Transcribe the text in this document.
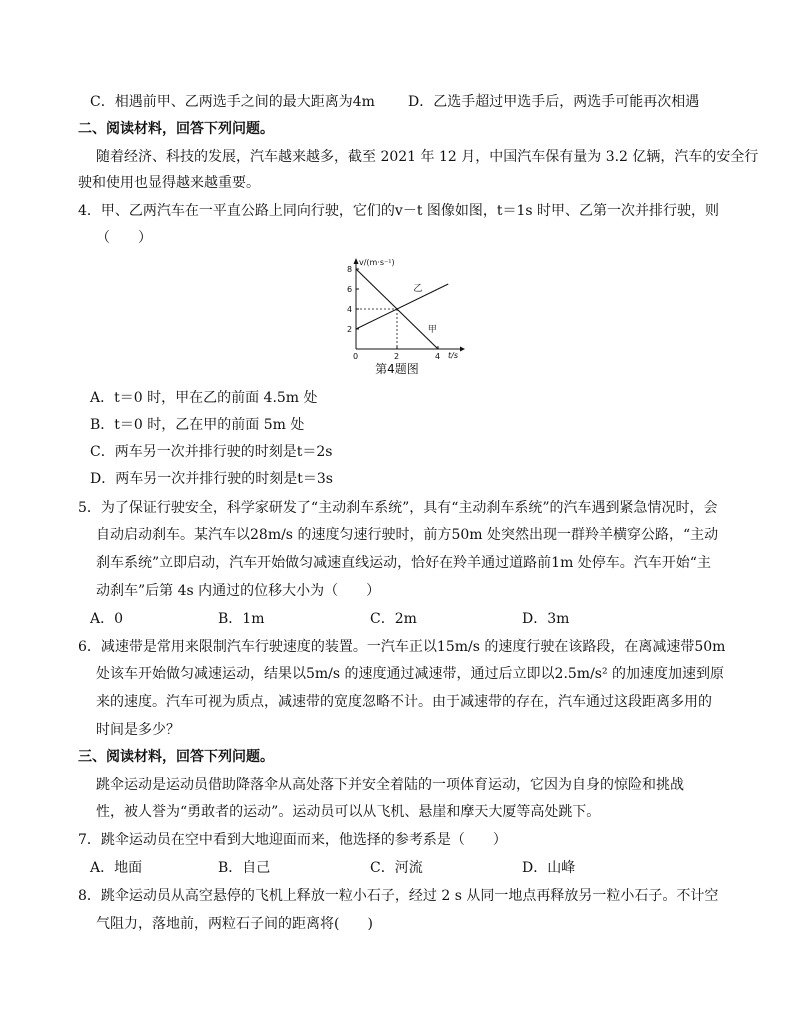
C．相遇前甲、乙两选手之间的最大距离为4m D．乙选手超过甲选手后，两选手可能再次相遇
二、阅读材料，回答下列问题。
随着经济、科技的发展，汽车越来越多，截至 2021 年 12 月，中国汽车保有量为 3.2 亿辆，汽车的安全行
驶和使用也显得越来越重要。
4．甲、乙两汽车在一平直公路上同向行驶，它们的v－t 图像如图，t＝1s 时甲、乙第一次并排行驶，则
（　　）
v/(m·s⁻¹)
t/s
2
4
6
8
0	2	4
甲
乙
第4题图
A．t＝0 时，甲在乙的前面 4.5m 处
B．t＝0 时，乙在甲的前面 5m 处
C．两车另一次并排行驶的时刻是t＝2s
D．两车另一次并排行驶的时刻是t＝3s
5．为了保证行驶安全，科学家研发了“主动刹车系统”，具有“主动刹车系统”的汽车遇到紧急情况时，会
自动启动刹车。某汽车以28m/s 的速度匀速行驶时，前方50m 处突然出现一群羚羊横穿公路，“主动
刹车系统”立即启动，汽车开始做匀减速直线运动，恰好在羚羊通过道路前1m 处停车。汽车开始“主
动刹车”后第 4s 内通过的位移大小为（　　）
A．0	B．1m	C．2m	D．3m
6．减速带是常用来限制汽车行驶速度的装置。一汽车正以15m/s 的速度行驶在该路段，在离减速带50m
处该车开始做匀减速运动，结果以5m/s 的速度通过减速带，通过后立即以2.5m/s² 的加速度加速到原
来的速度。汽车可视为质点，减速带的宽度忽略不计。由于减速带的存在，汽车通过这段距离多用的
时间是多少？
三、阅读材料，回答下列问题。
跳伞运动是运动员借助降落伞从高处落下并安全着陆的一项体育运动，它因为自身的惊险和挑战
性，被人誉为“勇敢者的运动”。运动员可以从飞机、悬崖和摩天大厦等高处跳下。
7．跳伞运动员在空中看到大地迎面而来，他选择的参考系是（　　）
A．地面	B．自己	C．河流	D．山峰
8．跳伞运动员从高空悬停的飞机上释放一粒小石子，经过 2 s 从同一地点再释放另一粒小石子。不计空
气阻力，落地前，两粒石子间的距离将(　　)
